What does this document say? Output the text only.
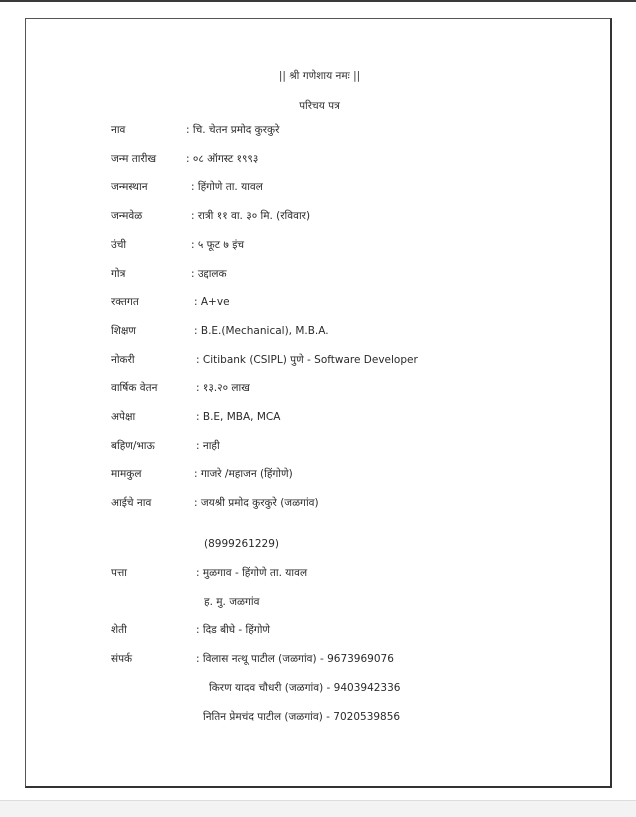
|| श्री गणेशाय नमः ||
परिचय पत्र
नाव	: चि. चेतन प्रमोद कुरकुरे
जन्म तारीख	: ०८ ऑगस्ट १९९३
जन्मस्थान	: हिंगोणे ता. यावल
जन्मवेळ	: रात्री ११ वा. ३० मि. (रविवार)
उंची	: ५ फूट ७ इंच
गोत्र	: उद्दालक
रक्तगत	: A+ve
शिक्षण	: B.E.(Mechanical), M.B.A.
नोकरी	: Citibank (CSIPL) पुणे - Software Developer
वार्षिक वेतन	: १३.२० लाख
अपेक्षा	: B.E, MBA, MCA
बहिण/भाऊ	: नाही
मामकुल	: गाजरे /महाजन (हिंगोणे)
आईचे नाव	: जयश्री प्रमोद कुरकुरे (जळगांव)
(8999261229)
पत्ता	: मुळगाव - हिंगोणे ता. यावल
ह. मु. जळगांव
शेती	: दिड बीघे - हिंगोणे
संपर्क	: विलास नत्थू पाटील (जळगांव) - 9673969076
किरण यादव चौधरी (जळगांव) - 9403942336
नितिन प्रेमचंद पाटील (जळगांव) - 7020539856
